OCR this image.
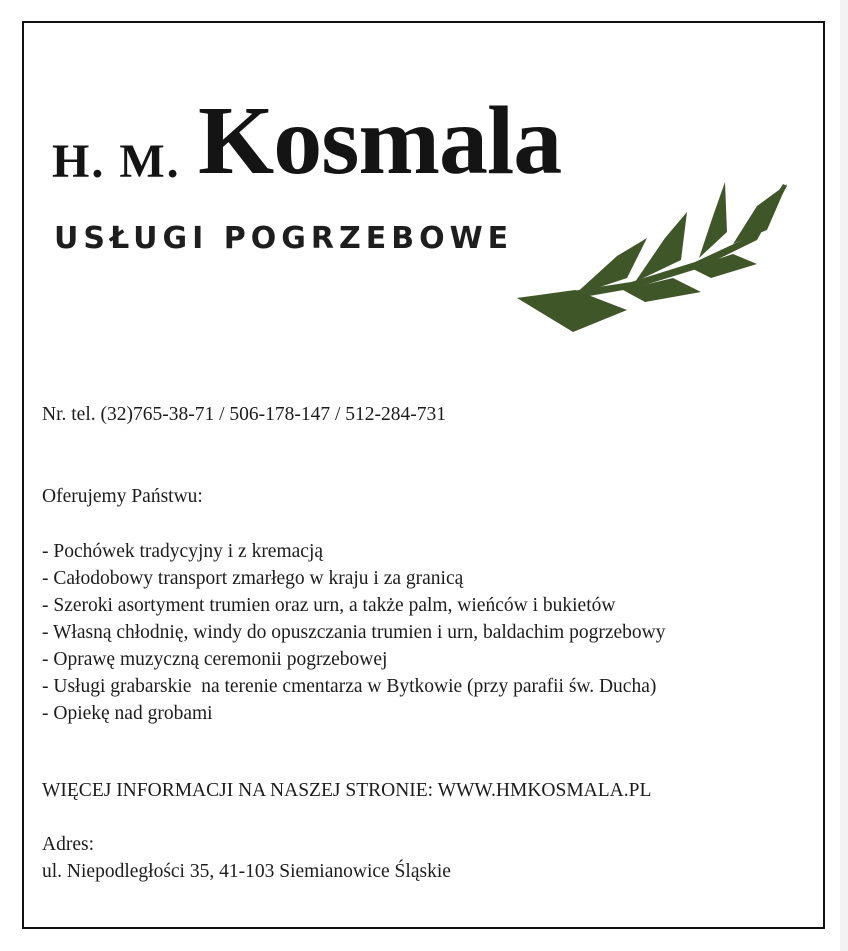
H. M. Kosmala
USŁUGI POGRZEBOWE
Nr. tel. (32)765-38-71 / 506-178-147 / 512-284-731
Oferujemy Państwu:
- Pochówek tradycyjny i z kremacją
- Całodobowy transport zmarłego w kraju i za granicą
- Szeroki asortyment trumien oraz urn, a także palm, wieńców i bukietów
- Własną chłodnię, windy do opuszczania trumien i urn, baldachim pogrzebowy
- Oprawę muzyczną ceremonii pogrzebowej
- Usługi grabarskie  na terenie cmentarza w Bytkowie (przy parafii św. Ducha)
- Opiekę nad grobami
WIĘCEJ INFORMACJI NA NASZEJ STRONIE: WWW.HMKOSMALA.PL
Adres:
ul. Niepodległości 35, 41-103 Siemianowice Śląskie
